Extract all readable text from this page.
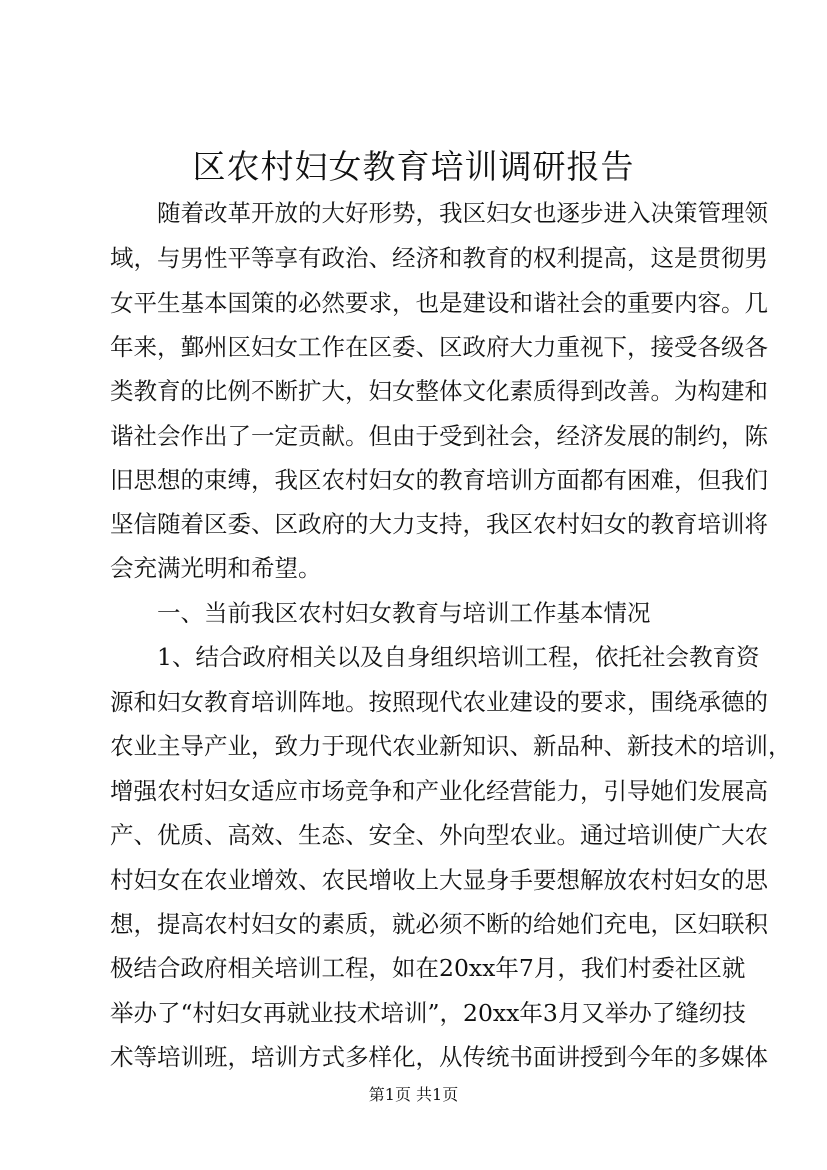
区农村妇女教育培训调研报告
　　随着改革开放的大好形势，我区妇女也逐步进入决策管理领
域，与男性平等享有政治、经济和教育的权利提高，这是贯彻男
女平生基本国策的必然要求，也是建设和谐社会的重要内容。几
年来，鄞州区妇女工作在区委、区政府大力重视下，接受各级各
类教育的比例不断扩大，妇女整体文化素质得到改善。为构建和
谐社会作出了一定贡献。但由于受到社会，经济发展的制约，陈
旧思想的束缚，我区农村妇女的教育培训方面都有困难，但我们
坚信随着区委、区政府的大力支持，我区农村妇女的教育培训将
会充满光明和希望。
　　一、当前我区农村妇女教育与培训工作基本情况
　　1、结合政府相关以及自身组织培训工程，依托社会教育资
源和妇女教育培训阵地。按照现代农业建设的要求，围绕承德的
农业主导产业，致力于现代农业新知识、新品种、新技术的培训，
增强农村妇女适应市场竞争和产业化经营能力，引导她们发展高
产、优质、高效、生态、安全、外向型农业。通过培训使广大农
村妇女在农业增效、农民增收上大显身手要想解放农村妇女的思
想，提高农村妇女的素质，就必须不断的给她们充电，区妇联积
极结合政府相关培训工程，如在20xx年7月，我们村委社区就
举办了“村妇女再就业技术培训”，20xx年3月又举办了缝纫技
术等培训班，培训方式多样化，从传统书面讲授到今年的多媒体
第1页 共1页
